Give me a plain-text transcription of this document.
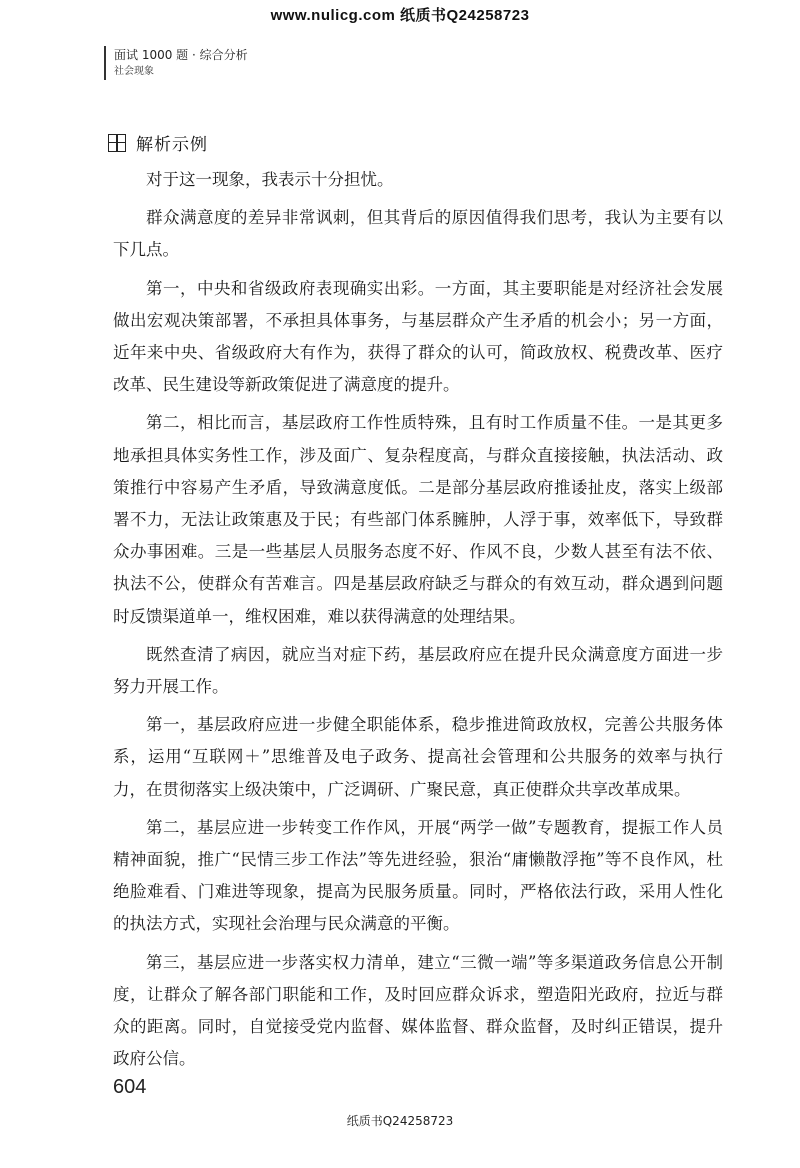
www.nulicg.com 纸质书Q24258723
面试 1000 题 · 综合分析
社会现象
解析示例

对于这一现象，我表示十分担忧。

群众满意度的差异非常讽刺，但其背后的原因值得我们思考，我认为主要有以下几点。

第一，中央和省级政府表现确实出彩。一方面，其主要职能是对经济社会发展做出宏观决策部署，不承担具体事务，与基层群众产生矛盾的机会小；另一方面，近年来中央、省级政府大有作为，获得了群众的认可，简政放权、税费改革、医疗改革、民生建设等新政策促进了满意度的提升。

第二，相比而言，基层政府工作性质特殊，且有时工作质量不佳。一是其更多地承担具体实务性工作，涉及面广、复杂程度高，与群众直接接触，执法活动、政策推行中容易产生矛盾，导致满意度低。二是部分基层政府推诿扯皮，落实上级部署不力，无法让政策惠及于民；有些部门体系臃肿，人浮于事，效率低下，导致群众办事困难。三是一些基层人员服务态度不好、作风不良，少数人甚至有法不依、执法不公，使群众有苦难言。四是基层政府缺乏与群众的有效互动，群众遇到问题时反馈渠道单一，维权困难，难以获得满意的处理结果。

既然查清了病因，就应当对症下药，基层政府应在提升民众满意度方面进一步努力开展工作。

第一，基层政府应进一步健全职能体系，稳步推进简政放权，完善公共服务体系，运用“互联网＋”思维普及电子政务、提高社会管理和公共服务的效率与执行力，在贯彻落实上级决策中，广泛调研、广聚民意，真正使群众共享改革成果。

第二，基层应进一步转变工作作风，开展“两学一做”专题教育，提振工作人员精神面貌，推广“民情三步工作法”等先进经验，狠治“庸懒散浮拖”等不良作风，杜绝脸难看、门难进等现象，提高为民服务质量。同时，严格依法行政，采用人性化的执法方式，实现社会治理与民众满意的平衡。

第三，基层应进一步落实权力清单，建立“三微一端”等多渠道政务信息公开制度，让群众了解各部门职能和工作，及时回应群众诉求，塑造阳光政府，拉近与群众的距离。同时，自觉接受党内监督、媒体监督、群众监督，及时纠正错误，提升政府公信。

604
纸质书Q24258723
